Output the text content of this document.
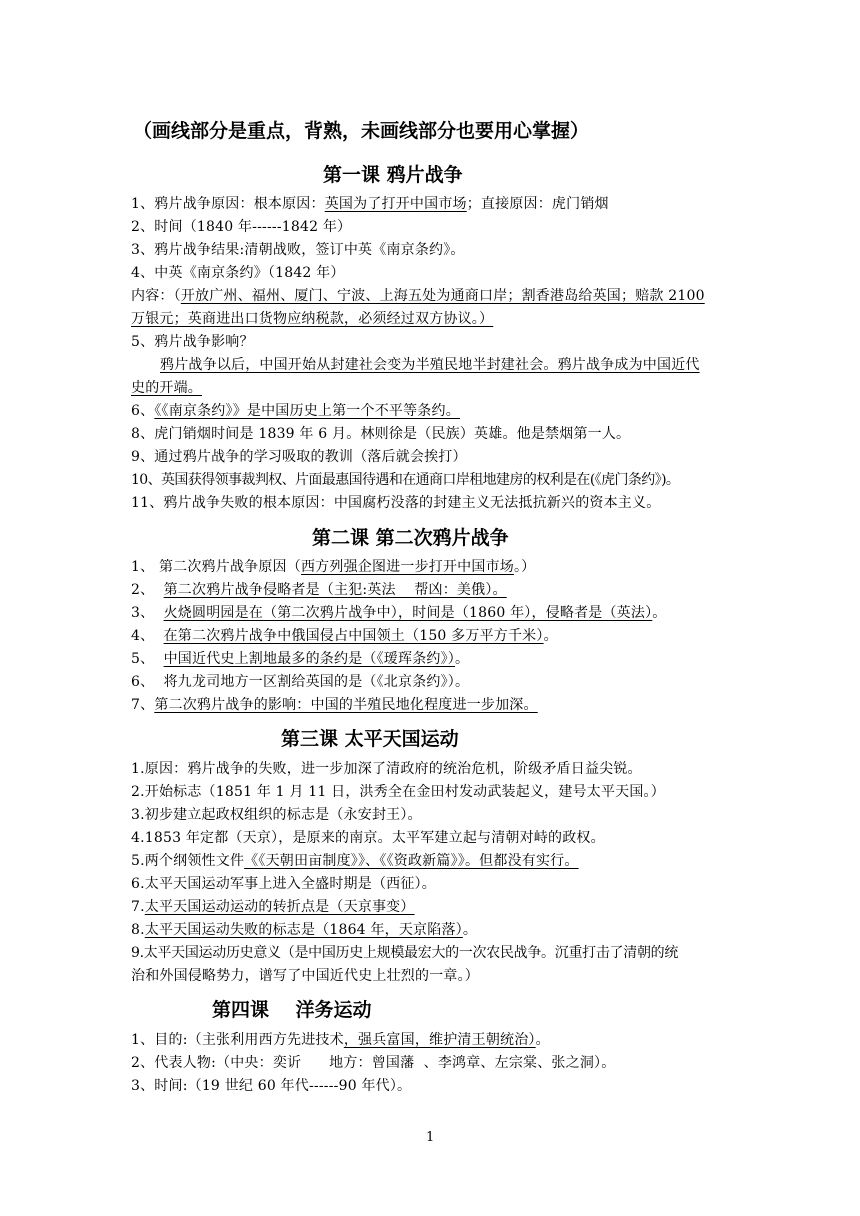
（画线部分是重点，背熟，未画线部分也要用心掌握）
第一课 鸦片战争
1、鸦片战争原因：根本原因：英国为了打开中国市场；直接原因：虎门销烟
2、时间（1840 年------1842 年）
3、鸦片战争结果:清朝战败，签订中英《南京条约》。
4、中英《南京条约》（1842 年）
内容：（开放广州、福州、厦门、宁波、上海五处为通商口岸；割香港岛给英国；赔款 2100
万银元；英商进出口货物应纳税款，必须经过双方协议。）
5、鸦片战争影响？
鸦片战争以后，中国开始从封建社会变为半殖民地半封建社会。鸦片战争成为中国近代
史的开端。
6、《《南京条约》》是中国历史上第一个不平等条约。
8、虎门销烟时间是 1839 年 6 月。林则徐是（民族）英雄。他是禁烟第一人。
9、通过鸦片战争的学习吸取的教训（落后就会挨打）
10、英国获得领事裁判权、片面最惠国待遇和在通商口岸租地建房的权利是在(《虎门条约》)。
11、鸦片战争失败的根本原因：中国腐朽没落的封建主义无法抵抗新兴的资本主义。
第二课 第二次鸦片战争
1、 第二次鸦片战争原因（西方列强企图进一步打开中国市场。）
2、  第二次鸦片战争侵略者是（主犯:英法    帮凶：美俄）。
3、  火烧圆明园是在（第二次鸦片战争中），时间是（1860 年），侵略者是（英法）。
4、  在第二次鸦片战争中俄国侵占中国领土（150 多万平方千米）。
5、  中国近代史上割地最多的条约是（《瑷珲条约》）。
6、  将九龙司地方一区割给英国的是（《北京条约》）。
7、第二次鸦片战争的影响：中国的半殖民地化程度进一步加深。
第三课 太平天国运动
1.原因：鸦片战争的失败，进一步加深了清政府的统治危机，阶级矛盾日益尖锐。
2.开始标志（1851 年 1 月 11 日，洪秀全在金田村发动武装起义，建号太平天国。）
3.初步建立起政权组织的标志是（永安封王）。
4.1853 年定都（天京），是原来的南京。太平军建立起与清朝对峙的政权。
5.两个纲领性文件《《天朝田亩制度》》、《《资政新篇》》。但都没有实行。
6.太平天国运动军事上进入全盛时期是（西征）。
7.太平天国运动运动的转折点是（天京事变）
8.太平天国运动失败的标志是（1864 年，天京陷落）。
9.太平天国运动历史意义（是中国历史上规模最宏大的一次农民战争。沉重打击了清朝的统
治和外国侵略势力，谱写了中国近代史上壮烈的一章。）
第四课    洋务运动
1、目的:（主张利用西方先进技术，强兵富国，维护清王朝统治）。
2、代表人物:（中央：奕䜣      地方：曾国藩  、李鸿章、左宗棠、张之洞）。
3、时间:（19 世纪 60 年代------90 年代）。
1
